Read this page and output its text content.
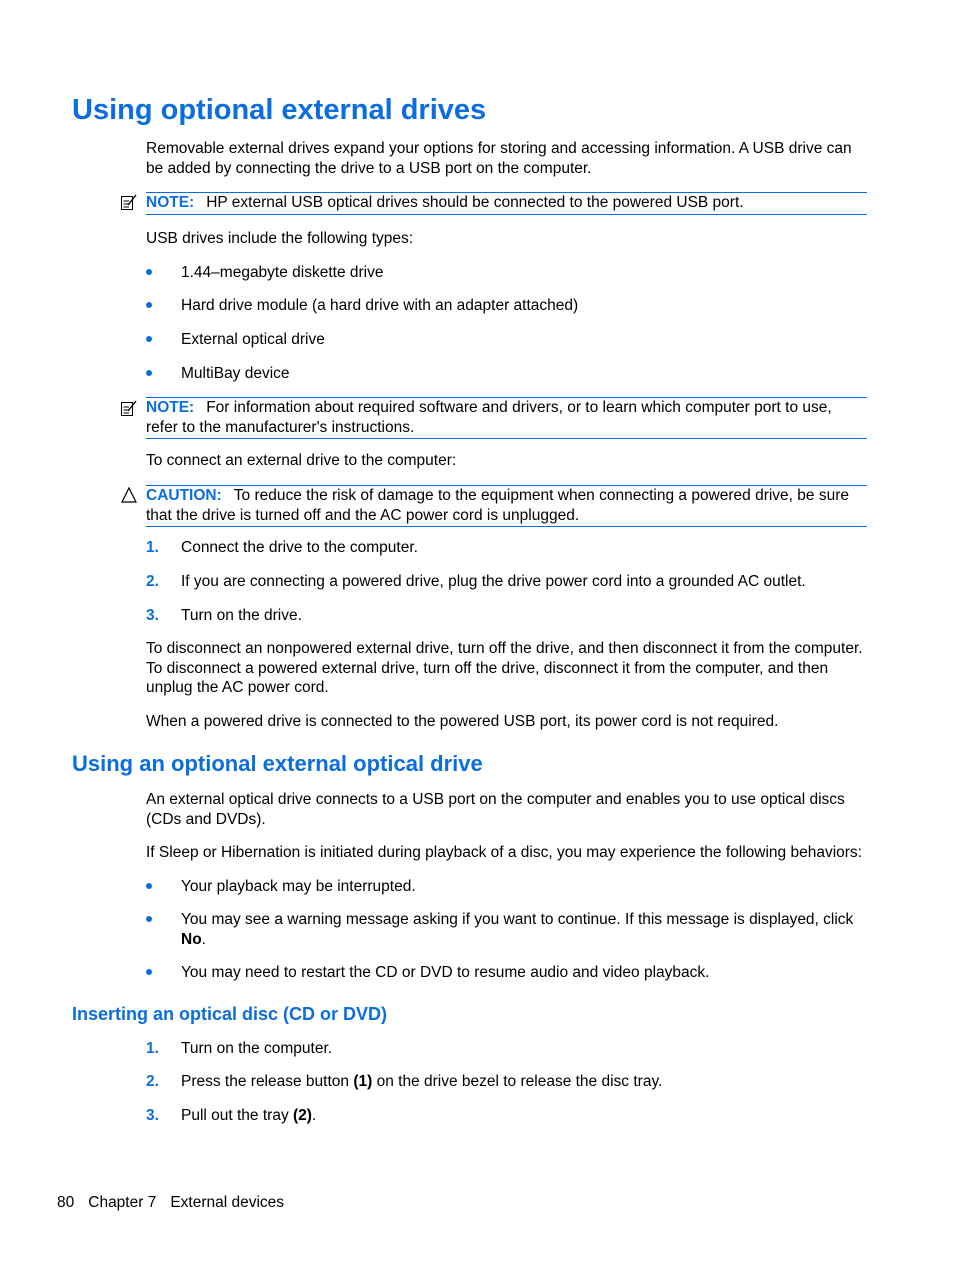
Using optional external drives

Removable external drives expand your options for storing and accessing information. A USB drive can be added by connecting the drive to a USB port on the computer.

NOTE: HP external USB optical drives should be connected to the powered USB port.

USB drives include the following types:

1.44–megabyte diskette drive
Hard drive module (a hard drive with an adapter attached)
External optical drive
MultiBay device
NOTE: For information about required software and drivers, or to learn which computer port to use, refer to the manufacturer's instructions.

To connect an external drive to the computer:

CAUTION: To reduce the risk of damage to the equipment when connecting a powered drive, be sure that the drive is turned off and the AC power cord is unplugged.
1. Connect the drive to the computer.
2. If you are connecting a powered drive, plug the drive power cord into a grounded AC outlet.
3. Turn on the drive.

To disconnect an nonpowered external drive, turn off the drive, and then disconnect it from the computer. To disconnect a powered external drive, turn off the drive, disconnect it from the computer, and then unplug the AC power cord.

When a powered drive is connected to the powered USB port, its power cord is not required.

Using an optional external optical drive

An external optical drive connects to a USB port on the computer and enables you to use optical discs (CDs and DVDs).

If Sleep or Hibernation is initiated during playback of a disc, you may experience the following behaviors:

Your playback may be interrupted.
You may see a warning message asking if you want to continue. If this message is displayed, click No.
You may need to restart the CD or DVD to resume audio and video playback.
Inserting an optical disc (CD or DVD)
1. Turn on the computer.
2. Press the release button (1) on the drive bezel to release the disc tray.
3. Pull out the tray (2).
80 Chapter 7 External devices
